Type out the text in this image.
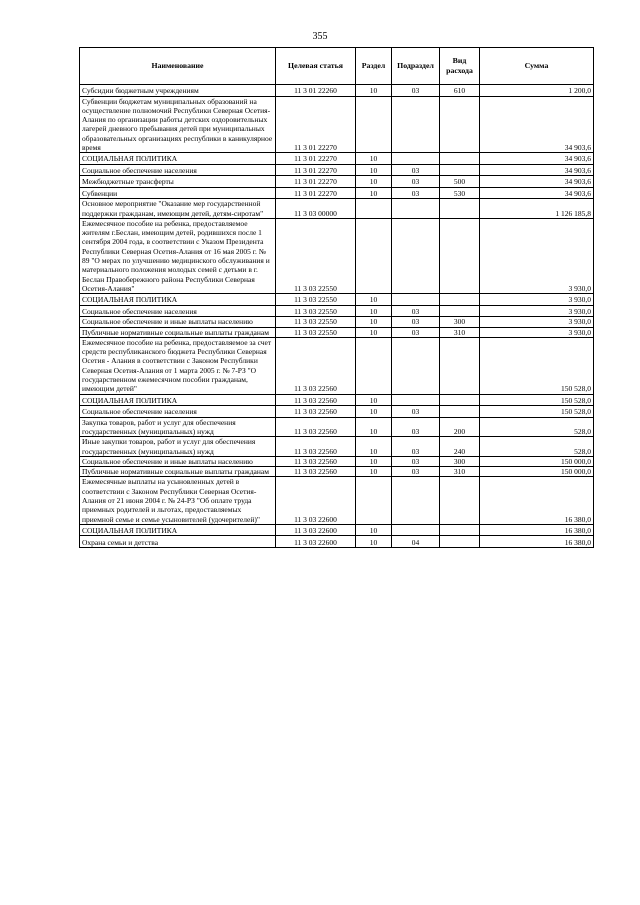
355
Наименование	Целевая статья	Раздел	Подраздел	Вид расхода	Сумма
Субсидии бюджетным учреждениям	11 3 01 22260	10	03	610	1 200,0
Субвенции бюджетам муниципальных образований на осуществление полномочий Республики Северная Осетия-Алания по организации работы детских оздоровительных лагерей дневного пребывания детей при муниципальных образовательных организациях республики в каникулярное время	11 3 01 22270				34 903,6
СОЦИАЛЬНАЯ ПОЛИТИКА	11 3 01 22270	10			34 903,6
Социальное обеспечение населения	11 3 01 22270	10	03		34 903,6
Межбюджетные трансферты	11 3 01 22270	10	03	500	34 903,6
Субвенции	11 3 01 22270	10	03	530	34 903,6
Основное мероприятие "Оказание мер государственной поддержки гражданам, имеющим детей, детям-сиротам"	11 3 03 00000				1 126 185,8
Ежемесячное пособие на ребенка, предоставляемое жителям г.Беслан, имеющим детей, родившихся после 1 сентября 2004 года, в соответствии с Указом Президента Республики Северная Осетия-Алания от 16 мая 2005 г. № 89 "О мерах по улучшению медицинского обслуживания и материального положения молодых семей с детьми в г. Беслан Правобережного района Республики Северная Осетия-Алания"	11 3 03 22550				3 930,0
СОЦИАЛЬНАЯ ПОЛИТИКА	11 3 03 22550	10			3 930,0
Социальное обеспечение населения	11 3 03 22550	10	03		3 930,0
Социальное обеспечение и иные выплаты населению	11 3 03 22550	10	03	300	3 930,0
Публичные нормативные социальные выплаты гражданам	11 3 03 22550	10	03	310	3 930,0
Ежемесячное пособие на ребенка, предоставляемое за счет средств республиканского бюджета Республики Северная Осетия - Алания в соответствии с Законом Республики Северная Осетия-Алания от 1 марта 2005 г. № 7-РЗ "О государственном ежемесячном пособии гражданам, имеющим детей"	11 3 03 22560				150 528,0
СОЦИАЛЬНАЯ ПОЛИТИКА	11 3 03 22560	10			150 528,0
Социальное обеспечение населения	11 3 03 22560	10	03		150 528,0
Закупка товаров, работ и услуг для обеспечения государственных (муниципальных) нужд	11 3 03 22560	10	03	200	528,0
Иные закупки товаров, работ и услуг для обеспечения государственных (муниципальных) нужд	11 3 03 22560	10	03	240	528,0
Социальное обеспечение и иные выплаты населению	11 3 03 22560	10	03	300	150 000,0
Публичные нормативные социальные выплаты гражданам	11 3 03 22560	10	03	310	150 000,0
Ежемесячные выплаты на усыновленных детей в соответствии с Законом Республики Северная Осетия-Алания от 21 июня 2004 г. № 24-РЗ "Об оплате труда приемных родителей и льготах, предоставляемых приемной семье и семье усыновителей (удочерителей)"	11 3 03 22600				16 380,0
СОЦИАЛЬНАЯ ПОЛИТИКА	11 3 03 22600	10			16 380,0
Охрана семьи и детства	11 3 03 22600	10	04		16 380,0
